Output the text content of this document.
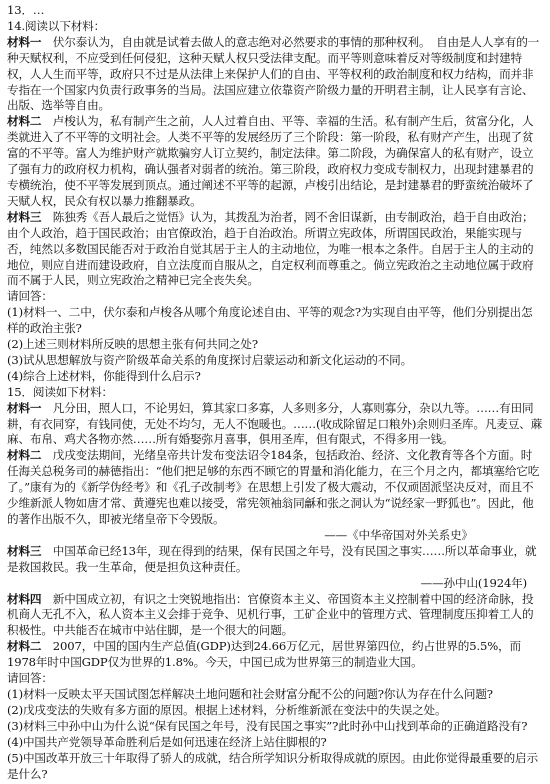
13．…

14.阅读以下材料：

材料一　 伏尔泰认为，自由就是试着去做人的意志绝对必然要求的事情的那种权利。　自由是人人享有的一种天赋权利，不应受到任何侵犯，这种天赋人权只受法律支配。而平等则意味着反对等级制度和封建特权，人人生而平等，政府只不过是从法律上来保护人们的自由、平等权利的政治制度和权力结构，而并非专指在一个国家内负责行政事务的当局。法国应建立依靠资产阶级力量的开明君主制，让人民享有言论、出版、选举等自由。

材料二　 卢梭认为，私有制产生之前，人人过着自由、平等、幸福的生活。私有制产生后，贫富分化，人类就进入了不平等的文明社会。人类不平等的发展经历了三个阶段：第一阶段，私有财产产生，出现了贫富的不平等。富人为维护财产就欺骗穷人订立契约，制定法律。第二阶段，为确保富人的私有财产，设立了强有力的政府权力机构，确认强者对弱者的统治。第三阶段，政府权力变成专制权力，出现封建暴君的专横统治，使不平等发展到顶点。通过阐述不平等的起源，卢梭引出结论，是封建暴君的野蛮统治破坏了天赋人权，民众有权以暴力推翻暴政。

材料三　 陈独秀《吾人最后之觉悟》认为，其拨乱为治者，罔不舍旧谋新，由专制政治，趋于自由政治；由个人政治，趋于国民政治；由官僚政治，趋于自治政治。所谓立宪政体，所谓国民政治，果能实现与否，纯然以多数国民能否对于政治自觉其居于主人的主动地位，为唯一根本之条件。自居于主人的主动的地位，则应自进而建设政府，自立法度而自服从之，自定权利而尊重之。倘立宪政治之主动地位属于政府而不属于人民，则立宪政治之精神已完全丧失矣。

请回答：

(1)材料一、二中，伏尔泰和卢梭各从哪个角度论述自由、平等的观念?为实现自由平等，他们分别提出怎样的政治主张?

(2)上述三则材料所反映的思想主张有何共同之处?

(3)试从思想解放与资产阶级革命关系的角度探讨启蒙运动和新文化运动的不同。

(4)综合上述材料，你能得到什么启示?

15．阅读如下材料：

材料一　 凡分田，照人口，不论男妇，算其家口多寡，人多则多分，人寡则寡分，杂以九等。……有田同耕，有衣同穿，有钱同使，无处不均匀，无人不饱暖也。……(收成除留足口粮外)余则归圣库。凡麦豆、蔴麻、布帛、鸡犬各物亦然……所有婚娶弥月喜事，俱用圣库，但有限式，不得多用一钱。

材料二　 戊戌变法期间，光绪皇帝共计发布变法诏令184条，包括政治、经济、文化教育等各个方面。时任海关总税务司的赫德指出：“他们把足够的东西不顾它的胃量和消化能力，在三个月之内，都填塞给它吃了。”康有为的《新学伪经考》和《孔子改制考》在思想上引发了极大震动，不仅顽固派坚决反对，而且不少维新派人物如唐才常、黄遵宪也难以接受，常宪领袖翁同龢和张之洞认为“说经家一野狐也”。因此，他的著作出版不久，即被光绪皇帝下令毁版。

——《中华帝国对外关系史》

材料三　 中国革命已经13年，现在得到的结果，保有民国之年号，没有民国之事实……所以革命事业，就是救国救民。我一生革命，便是担负这种责任。

——孙中山(1924年)

材料四　 新中国成立初，有识之士突锐地指出：官僚资本主义、帝国资本主义控制着中国的经济命脉，投机商人无孔不入，私人资本主义会排于竞争、见机行事，工矿企业中的管理方式、管理制度压抑着工人的积极性。中共能否在城市中站住脚，是一个很大的问题。

材料二　 2007，中国的国内生产总值(GDP)达到24.66万亿元，居世界第四位，约占世界的5.5%，而1978年时中国GDP仅为世界的1.8%。今天，中国已成为世界第三的制造业大国。

请回答：

(1)材料一反映太平天国试图怎样解决土地问题和社会财富分配不公的问题?你认为存在什么问题?

(2)戊戌变法的失败有多方面的原因。根据上述材料，分析维新派在变法中的失误之处。

(3)材料三中孙中山为什么说“保有民国之年号，没有民国之事实”?此时孙中山找到革命的正确道路没有?

(4)中国共产党领导革命胜利后是如何迅速在经济上站住脚根的?

(5)中国改革开放三十年取得了骄人的成就，结合所学知识分析取得成就的原因。由此你觉得最重要的启示是什么?
